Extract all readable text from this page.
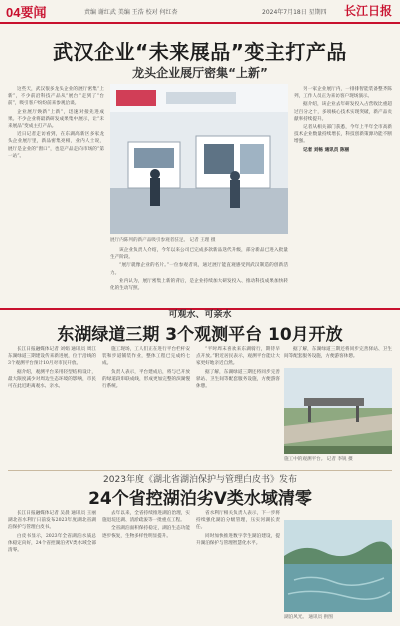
04要闻	责编 谢红武 美编 王浩 校对 何红杏	2024年7月18日 星期四 长江日报
武汉企业“未来展品”变主打产品
龙头企业展厅密集“上新”

这些天，武汉很多龙头企业的展厅密集“上新”，不少前沿科技产品从“展台”走到了“台前”，吸引客户纷纷前来参观洽谈。

企业展厅焕新“上新”，迅速对接先进成果。不少企业将最新研发成果集中展示，让“未来展品”变成主打产品。

近日记者走访看到，在东湖高新区多家龙头企业展厅里，新品密集亮相，业内人士说，展厅是企业的“窗口”，也是产品走向市场的“第一站”。

展厅内陈列的新产品吸引参观者驻足。 记者 王理 摄

该企业负责人介绍，今年以来公司已完成多款新品迭代升级，部分新品已进入批量生产阶段。

“展厅就像企业的名片。”一位参观者说，通过展厅能直观感受到武汉制造的创新活力。

业内认为，展厅密集上新的背后，是企业持续加大研发投入、推动科技成果加快转化的生动写照。

另一家企业展厅内，一排排智能装备整齐陈列，工作人员正为来访客户现场演示。

据介绍，该企业去年研发投入占营收比重超过百分之十，多项核心技术实现突破，新产品贡献率持续提升。

记者从相关部门获悉，今年上半年全市高新技术企业数量持续增长，科技创新策源功能不断增强。

记者 刘畅 通讯员 陈丽

可观水、可亲水
东湖绿道三期 3个观测平台 10月开放

长江日报融媒体记者 刘娟 通讯员 周江 东湖绿道三期建设传来新进展，位于沿线的3个观测平台预计10月对市民开放。

据介绍，观测平台采用轻型结构设计，最大限度减少对周边生态环境的影响，市民可在此近距离观水、亲水。

施工现场，工人们正在进行平台栏杆安装和步道铺装作业，整体工程已完成约七成。

负责人表示，平台建成后，将与已开放的绿道段串联成线，形成更加完整的滨湖慢行系统。

“平时周末喜欢来东湖骑行，期待早点开放。”附近居民表示，观测平台能让大家更好地亲近自然。

据了解，东湖绿道三期还将同步完善驿站、卫生间等配套服务设施，方便游客休憩。

据了解，东湖绿道三期还将同步完善驿站、卫生间等配套服务设施，方便游客休憩。

施工中的观测平台。 记者 李锐 摄
2023年度《湖北省湖泊保护与管理白皮书》发布
24个省控湖泊劣V类水域清零

长江日报融媒体记者 吴晨 通讯员 王丽 湖北省水利厅日前发布2023年度湖北省湖泊保护与管理白皮书。

白皮书显示，2023年全省湖泊水质总体稳定向好，24个省控湖泊劣V类水域全部清零。

去年以来，全省持续推进湖泊治理，实施退垸还湖、清淤疏浚等一批重点工程。

全省湖泊面积保持稳定，湖泊生态功能逐步恢复，生物多样性明显提升。

省水利厅相关负责人表示，下一步将持续强化湖泊分级管理，压实河湖长责任。

同时加快推进数字孪生湖泊建设，提升湖泊保护与管理智慧化水平。

湖泊风光。 通讯员 供图
